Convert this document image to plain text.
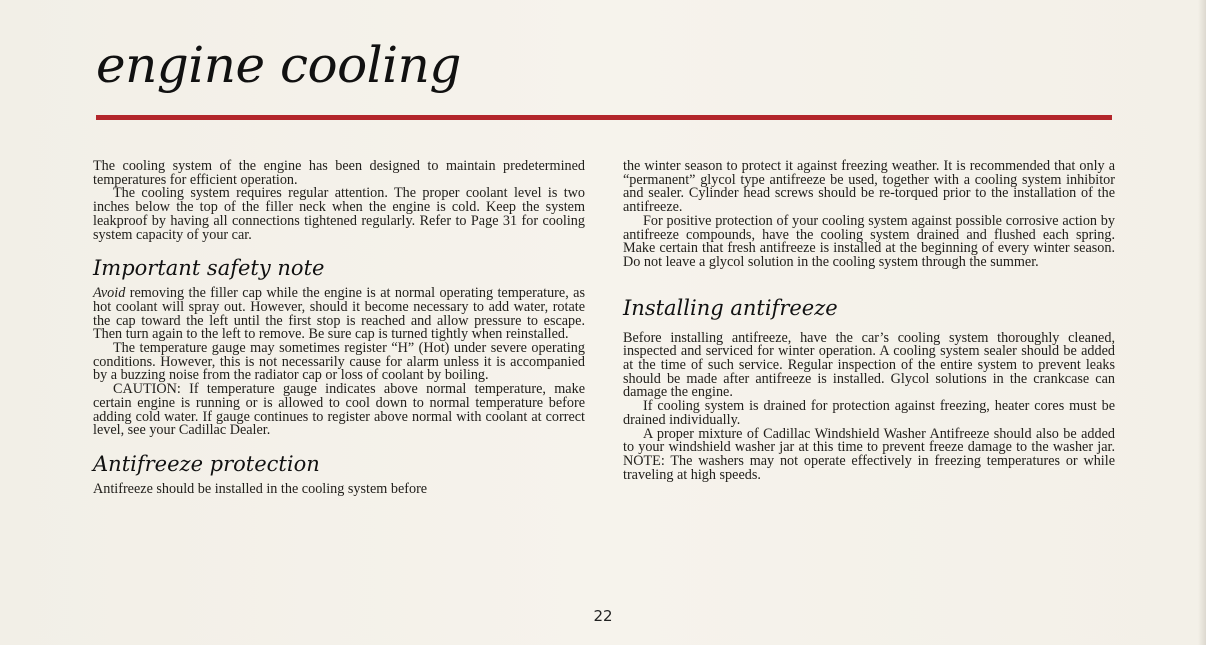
engine cooling

The cooling system of the engine has been designed to maintain predetermined temperatures for efficient operation.

The cooling system requires regular attention. The proper coolant level is two inches below the top of the filler neck when the engine is cold. Keep the system leakproof by having all connections tightened regularly. Refer to Page 31 for cooling system capacity of your car.

Important safety note

Avoid removing the filler cap while the engine is at normal operating temperature, as hot coolant will spray out. However, should it become necessary to add water, rotate the cap toward the left until the first stop is reached and allow pressure to escape. Then turn again to the left to remove. Be sure cap is turned tightly when reinstalled.

The temperature gauge may sometimes register “H” (Hot) under severe operating conditions. However, this is not necessarily cause for alarm unless it is accompanied by a buzzing noise from the radiator cap or loss of coolant by boiling.

CAUTION: If temperature gauge indicates above normal temperature, make certain engine is running or is allowed to cool down to normal temperature before adding cold water. If gauge continues to register above normal with coolant at correct level, see your Cadillac Dealer.

Antifreeze protection

Antifreeze should be installed in the cooling system before

the winter season to protect it against freezing weather. It is recommended that only a “permanent” glycol type antifreeze be used, together with a cooling system inhibitor and sealer. Cylinder head screws should be re-torqued prior to the installation of the antifreeze.

For positive protection of your cooling system against possible corrosive action by antifreeze compounds, have the cooling system drained and flushed each spring. Make certain that fresh antifreeze is installed at the beginning of every winter season. Do not leave a glycol solution in the cooling system through the summer.

Installing antifreeze

Before installing antifreeze, have the car’s cooling system thoroughly cleaned, inspected and serviced for winter operation. A cooling system sealer should be added at the time of such service. Regular inspection of the entire system to prevent leaks should be made after antifreeze is installed. Glycol solutions in the crankcase can damage the engine.

If cooling system is drained for protection against freezing, heater cores must be drained individually.

A proper mixture of Cadillac Windshield Washer Antifreeze should also be added to your windshield washer jar at this time to prevent freeze damage to the washer jar. NOTE: The washers may not operate effectively in freezing temperatures or while traveling at high speeds.

22
